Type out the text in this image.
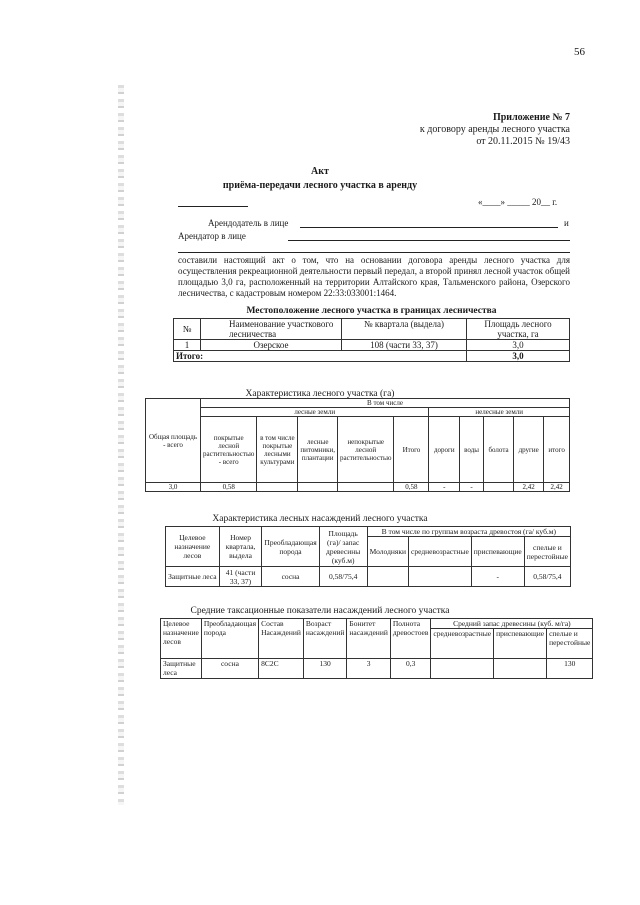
56
Приложение № 7
к договору аренды лесного участка
от 20.11.2015 № 19/43
Акт
приёма-передачи лесного участка в аренду
«____» _____ 20__ г.
Арендодатель в лице	и
Арендатор в лице
составили настоящий акт о том, что на основании договора аренды лесного участка для осуществления рекреационной деятельности первый передал, а второй принял лесной участок общей площадью 3,0 га, расположенный на территории Алтайского края, Тальменского района, Озерского лесничества, с кадастровым номером 22:33:033001:1464.
Местоположение лесного участка в границах лесничества
№	Наименование участкового лесничества	№ квартала (выдела)	Площадь лесного участка, га
1	Озерское	108 (части 33, 37)	3,0
Итого:			3,0
Характеристика лесного участка (га)
Общая площадь - всего	В том числе									
	лесные земли					нелесные земли				
	покрытые лесной растительностью - всего	в том числе покрытые лесными культурами	лесные питомники, плантации	непокрытые лесной растительностью	Итого	дороги	воды	болота	другие	итого
3,0	0,58				0,58	-	-		2,42	2,42
Характеристика лесных насаждений лесного участка
Целевое назначение лесов	Номер квартала, выдела	Преобладающая порода	Площадь (га)/ запас древесины (куб.м)	В том числе по группам возраста древостоя (га/ куб.м)			
				Молодняки	средневозрастные	приспевающие	спелые и перестойные
Защитные леса	41 (части 33, 37)	сосна	0,58/75,4			-	0,58/75,4
Средние таксационные показатели насаждений лесного участка
Целевое назначение лесов	Преобладающая порода	Состав Насаждений	Возраст насаждений	Бонитет насаждений	Полнота древостоев	Средний запас древесины (куб. м/га)		
						средневозрастные	приспевающие	спелые и перестойные
Защитные леса	сосна	8С2С	130	3	0,3			130
